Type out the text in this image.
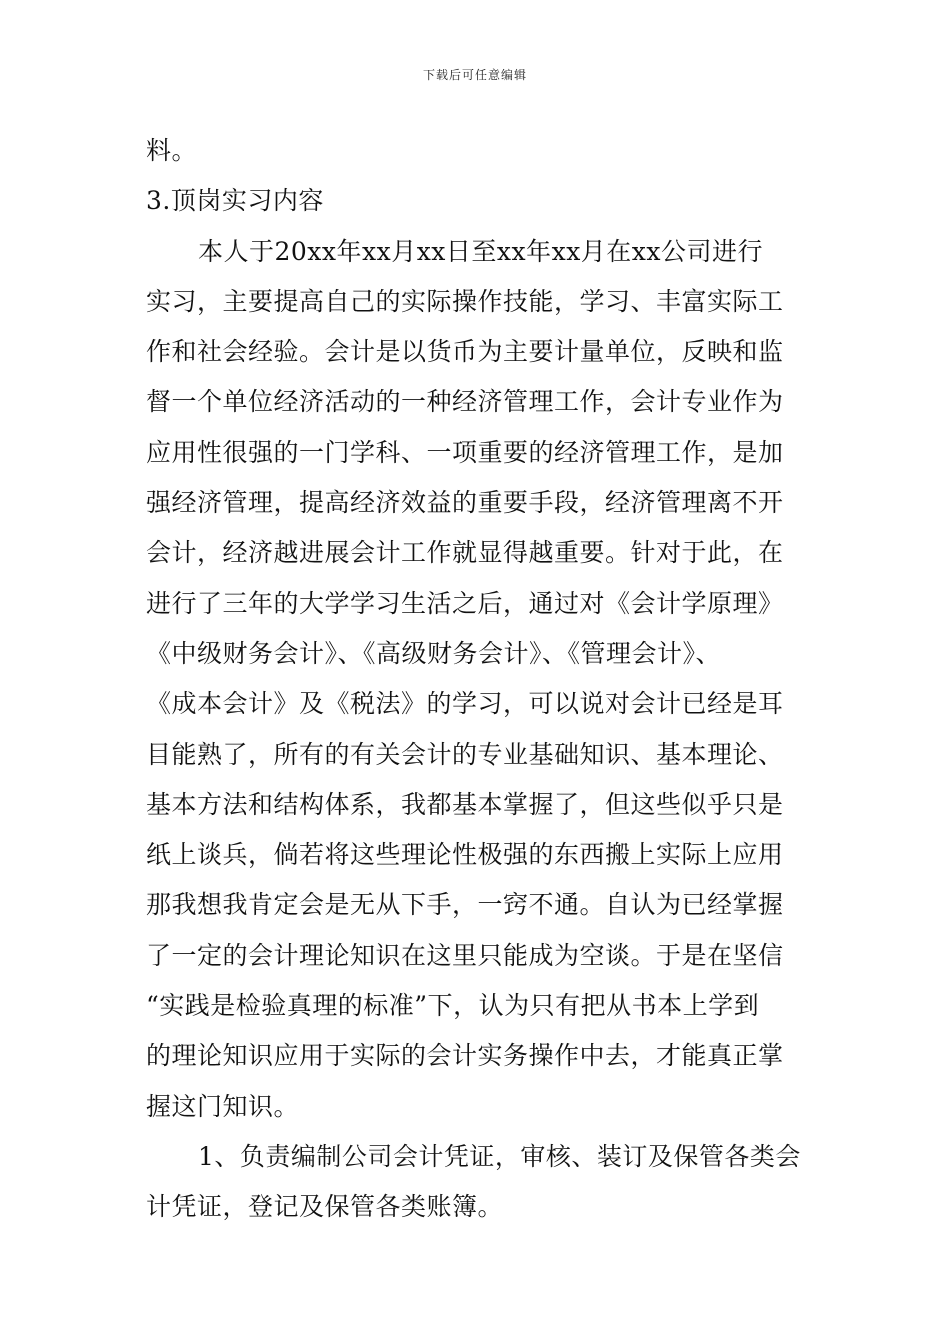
下载后可任意编辑
料。
3.顶岗实习内容
本人于20xx年xx月xx日至xx年xx月在xx公司进行
实习，主要提高自己的实际操作技能，学习、丰富实际工
作和社会经验。会计是以货币为主要计量单位，反映和监
督一个单位经济活动的一种经济管理工作，会计专业作为
应用性很强的一门学科、一项重要的经济管理工作，是加
强经济管理，提高经济效益的重要手段，经济管理离不开
会计，经济越进展会计工作就显得越重要。针对于此，在
进行了三年的大学学习生活之后，通过对《会计学原理》
《中级财务会计》、《高级财务会计》、《管理会计》、
《成本会计》及《税法》的学习，可以说对会计已经是耳
目能熟了，所有的有关会计的专业基础知识、基本理论、
基本方法和结构体系，我都基本掌握了，但这些似乎只是
纸上谈兵，倘若将这些理论性极强的东西搬上实际上应用
那我想我肯定会是无从下手，一窍不通。自认为已经掌握
了一定的会计理论知识在这里只能成为空谈。于是在坚信
“实践是检验真理的标准”下，认为只有把从书本上学到
的理论知识应用于实际的会计实务操作中去，才能真正掌
握这门知识。
1、负责编制公司会计凭证，审核、装订及保管各类会
计凭证，登记及保管各类账簿。
